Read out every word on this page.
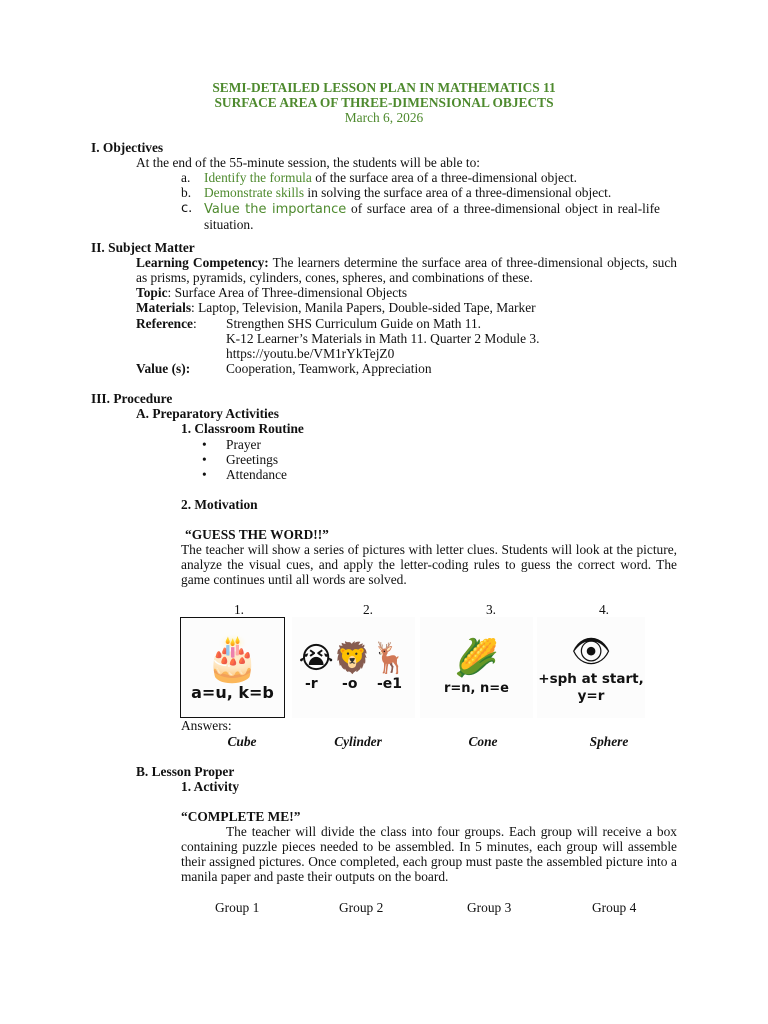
SEMI-DETAILED LESSON PLAN IN MATHEMATICS 11
SURFACE AREA OF THREE-DIMENSIONAL OBJECTS
March 6, 2026
I. Objectives
At the end of the 55-minute session, the students will be able to:
a. Identify the formula of the surface area of a three-dimensional object.
b. Demonstrate skills in solving the surface area of a three-dimensional object.
c. Value the importance of surface area of a three-dimensional object in real-life situation.
II. Subject Matter
Learning Competency: The learners determine the surface area of three-dimensional objects, such as prisms, pyramids, cylinders, cones, spheres, and combinations of these.
Topic: Surface Area of Three-dimensional Objects
Materials: Laptop, Television, Manila Papers, Double-sided Tape, Marker
Reference: Strengthen SHS Curriculum Guide on Math 11.
K-12 Learner’s Materials in Math 11. Quarter 2 Module 3.
https://youtu.be/VM1rYkTejZ0
Value (s):	Cooperation, Teamwork, Appreciation
III. Procedure
A. Preparatory Activities
1. Classroom Routine
• Prayer
• Greetings
• Attendance
2. Motivation
“GUESS THE WORD!!”
The teacher will show a series of pictures with letter clues. Students will look at the picture, analyze the visual cues, and apply the letter-coding rules to guess the correct word. The game continues until all words are solved.
1.	2.	3.	4.
🎂
a=u, k=b
😭🦁🦌
-r     -o    -e1
🌽
r=n, n=e
👁
+sph at start,
y=r
Answers:
Cube	Cylinder	Cone	Sphere
B. Lesson Proper
1. Activity
“COMPLETE ME!”
The teacher will divide the class into four groups. Each group will receive a box containing puzzle pieces needed to be assembled. In 5 minutes, each group will assemble their assigned pictures. Once completed, each group must paste the assembled picture into a manila paper and paste their outputs on the board.
Group 1	Group 2	Group 3	Group 4
